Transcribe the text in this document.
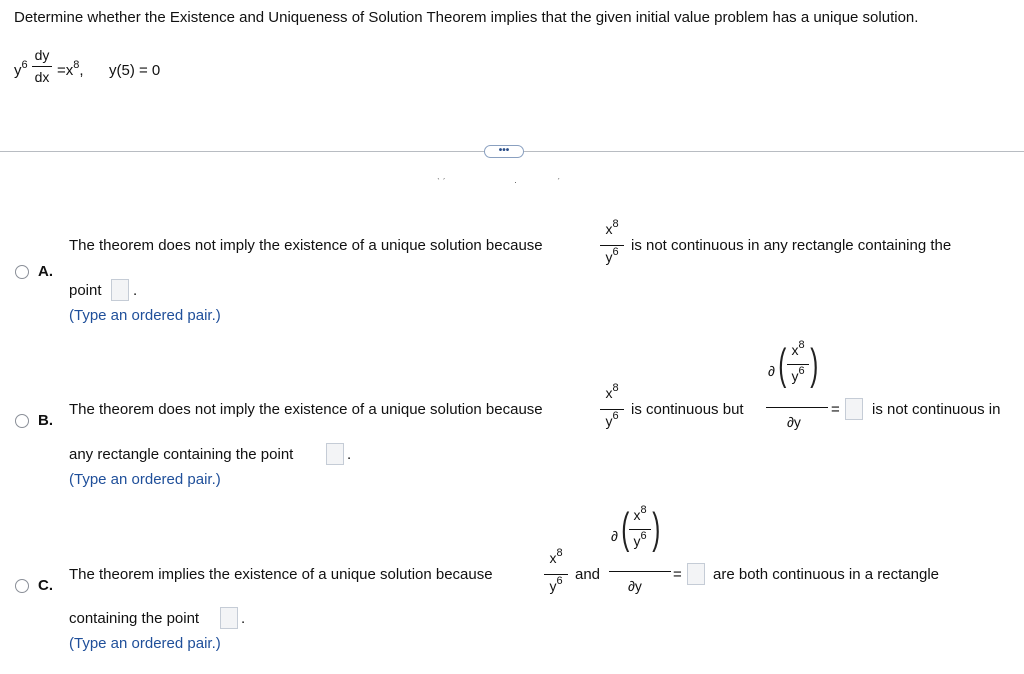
Determine whether the Existence and Uniqueness of Solution Theorem implies that the given initial value problem has a unique solution.
$y^6$
dy
dx $=x^8$, y(5) = 0
•••
ˋ ˊ	·	ˊ
A.
The theorem does not imply the existence of a unique solution because
$x^8$
$y^6$ is not continuous in any rectangle containing the
point .
(Type an ordered pair.)
B.
The theorem does not imply the existence of a unique solution because
$x^8$
$y^6$ is continuous but
∂ ( $x^8$
$y^6$ )
∂y
= is not continuous in
any rectangle containing the point	.
(Type an ordered pair.)
C.
The theorem implies the existence of a unique solution because
$x^8$
$y^6$ and
∂ ( $x^8$
$y^6$ )
∂y
= are both continuous in a rectangle
containing the point	.
(Type an ordered pair.)
